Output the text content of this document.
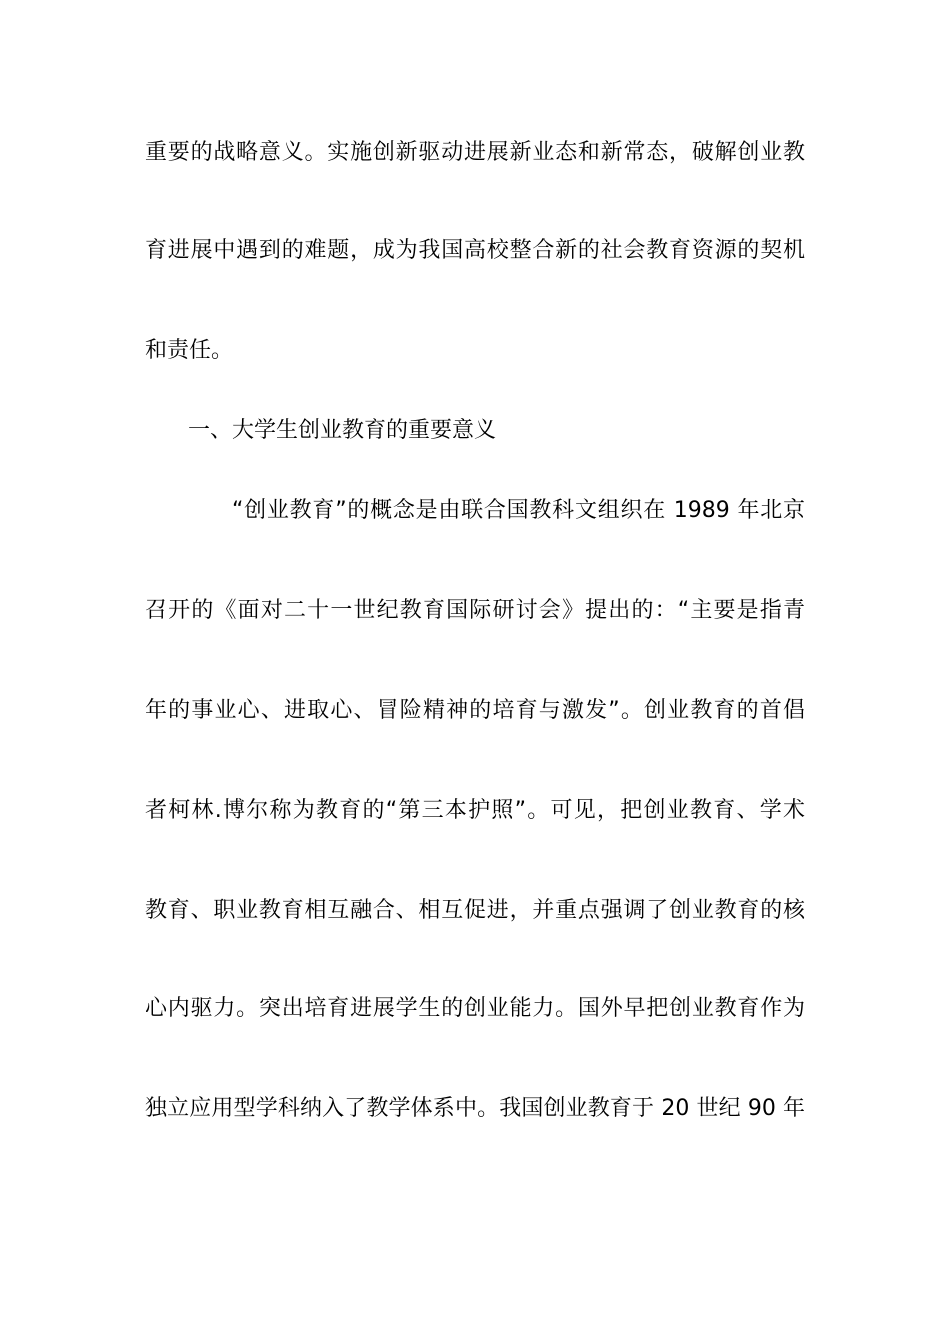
重要的战略意义。实施创新驱动进展新业态和新常态，破解创业教
育进展中遇到的难题，成为我国高校整合新的社会教育资源的契机
和责任。
一、大学生创业教育的重要意义
“创业教育”的概念是由联合国教科文组织在 1989 年北京
召开的《面对二十一世纪教育国际研讨会》提出的：“主要是指青
年的事业心、进取心、冒险精神的培育与激发”。创业教育的首倡
者柯林.博尔称为教育的“第三本护照”。可见，把创业教育、学术
教育、职业教育相互融合、相互促进，并重点强调了创业教育的核
心内驱力。突出培育进展学生的创业能力。国外早把创业教育作为
独立应用型学科纳入了教学体系中。我国创业教育于 20 世纪 90 年
